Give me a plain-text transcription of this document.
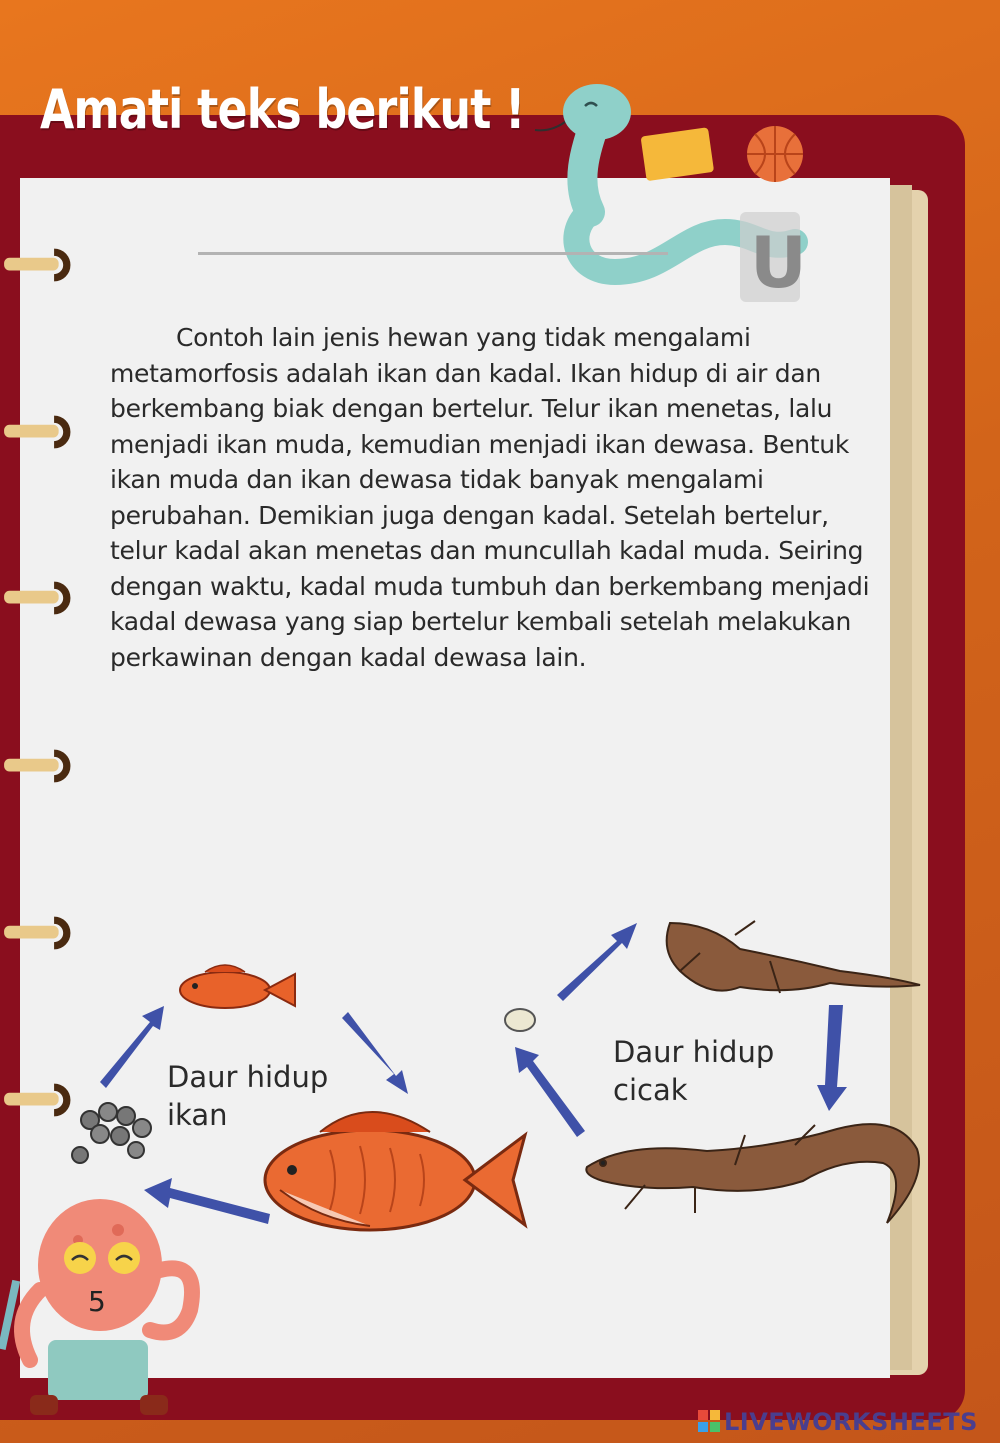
Amati teks berikut !
U

Contoh lain jenis hewan yang tidak mengalami metamorfosis adalah ikan dan kadal. Ikan hidup di air dan berkembang biak dengan bertelur. Telur ikan menetas, lalu menjadi ikan muda, kemudian menjadi ikan dewasa. Bentuk ikan muda dan ikan dewasa tidak banyak mengalami perubahan. Demikian juga dengan kadal. Setelah bertelur, telur kadal akan menetas dan muncullah kadal muda. Seiring dengan waktu, kadal muda tumbuh dan berkembang menjadi kadal dewasa yang siap bertelur kembali setelah melakukan perkawinan dengan kadal dewasa lain.

Daur hidup
ikan
Daur hidup
cicak
5
LIVEWORKSHEETS
